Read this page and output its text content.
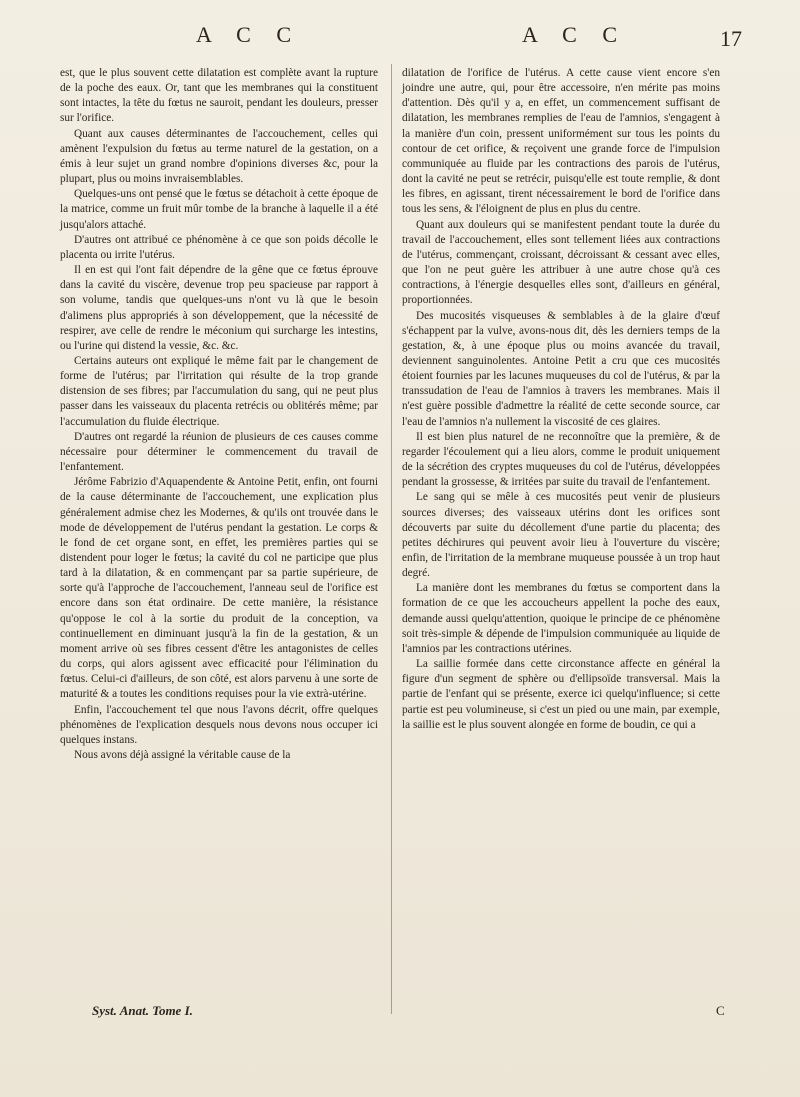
A C C	A C C	17

est, que le plus souvent cette dilatation est complète avant la rupture de la poche des eaux. Or, tant que les membranes qui la constituent sont intactes, la tête du fœtus ne sauroit, pendant les douleurs, presser sur l'orifice.

Quant aux causes déterminantes de l'accouchement, celles qui amènent l'expulsion du fœtus au terme naturel de la gestation, on a émis à leur sujet un grand nombre d'opinions diverses &c, pour la plupart, plus ou moins invraisemblables.

Quelques-uns ont pensé que le fœtus se détachoit à cette époque de la matrice, comme un fruit mûr tombe de la branche à laquelle il a été jusqu'alors attaché.

D'autres ont attribué ce phénomène à ce que son poids décolle le placenta ou irrite l'utérus.

Il en est qui l'ont fait dépendre de la gêne que ce fœtus éprouve dans la cavité du viscère, devenue trop peu spacieuse par rapport à son volume, tandis que quelques-uns n'ont vu là que le besoin d'alimens plus appropriés à son développement, que la nécessité de respirer, ave celle de rendre le méconium qui surcharge les intestins, ou l'urine qui distend la vessie, &c. &c.

Certains auteurs ont expliqué le même fait par le changement de forme de l'utérus; par l'irritation qui résulte de la trop grande distension de ses fibres; par l'accumulation du sang, qui ne peut plus passer dans les vaisseaux du placenta retrécis ou oblitérés même; par l'accumulation du fluide électrique.

D'autres ont regardé la réunion de plusieurs de ces causes comme nécessaire pour déterminer le commencement du travail de l'enfantement.

Jérôme Fabrizio d'Aquapendente & Antoine Petit, enfin, ont fourni de la cause déterminante de l'accouchement, une explication plus généralement admise chez les Modernes, & qu'ils ont trouvée dans le mode de développement de l'utérus pendant la gestation. Le corps & le fond de cet organe sont, en effet, les premières parties qui se distendent pour loger le fœtus; la cavité du col ne participe que plus tard à la dilatation, & en commençant par sa partie supérieure, de sorte qu'à l'approche de l'accouchement, l'anneau seul de l'orifice est encore dans son état ordinaire. De cette manière, la résistance qu'oppose le col à la sortie du produit de la conception, va continuellement en diminuant jusqu'à la fin de la gestation, & un moment arrive où ses fibres cessent d'être les antagonistes de celles du corps, qui alors agissent avec efficacité pour l'élimination du fœtus. Celui-ci d'ailleurs, de son côté, est alors parvenu à une sorte de maturité & a toutes les conditions requises pour la vie extrà-utérine.

Enfin, l'accouchement tel que nous l'avons décrit, offre quelques phénomènes de l'explication desquels nous devons nous occuper ici quelques instans.

Nous avons déjà assigné la véritable cause de la

dilatation de l'orifice de l'utérus. A cette cause vient encore s'en joindre une autre, qui, pour être accessoire, n'en mérite pas moins d'attention. Dès qu'il y a, en effet, un commencement suffisant de dilatation, les membranes remplies de l'eau de l'amnios, s'engagent à la manière d'un coin, pressent uniformément sur tous les points du contour de cet orifice, & reçoivent une grande force de l'impulsion communiquée au fluide par les contractions des parois de l'utérus, dont la cavité ne peut se retrécir, puisqu'elle est toute remplie, & dont les fibres, en agissant, tirent nécessairement le bord de l'orifice dans tous les sens, & l'éloignent de plus en plus du centre.

Quant aux douleurs qui se manifestent pendant toute la durée du travail de l'accouchement, elles sont tellement liées aux contractions de l'utérus, commençant, croissant, décroissant & cessant avec elles, que l'on ne peut guère les attribuer à une autre chose qu'à ces contractions, à l'énergie desquelles elles sont, d'ailleurs en général, proportionnées.

Des mucosités visqueuses & semblables à de la glaire d'œuf s'échappent par la vulve, avons-nous dit, dès les derniers temps de la gestation, &, à une époque plus ou moins avancée du travail, deviennent sanguinolentes. Antoine Petit a cru que ces mucosités étoient fournies par les lacunes muqueuses du col de l'utérus, & par la transsudation de l'eau de l'amnios à travers les membranes. Mais il n'est guère possible d'admettre la réalité de cette seconde source, car l'eau de l'amnios n'a nullement la viscosité de ces glaires.

Il est bien plus naturel de ne reconnoître que la première, & de regarder l'écoulement qui a lieu alors, comme le produit uniquement de la sécrétion des cryptes muqueuses du col de l'utérus, développées pendant la grossesse, & irritées par suite du travail de l'enfantement.

Le sang qui se mêle à ces mucosités peut venir de plusieurs sources diverses; des vaisseaux utérins dont les orifices sont découverts par suite du décollement d'une partie du placenta; des petites déchirures qui peuvent avoir lieu à l'ouverture du viscère; enfin, de l'irritation de la membrane muqueuse poussée à un trop haut degré.

La manière dont les membranes du fœtus se comportent dans la formation de ce que les accoucheurs appellent la poche des eaux, demande aussi quelqu'attention, quoique le principe de ce phénomène soit très-simple & dépende de l'impulsion communiquée au liquide de l'amnios par les contractions utérines.

La saillie formée dans cette circonstance affecte en général la figure d'un segment de sphère ou d'ellipsoïde transversal. Mais la partie de l'enfant qui se présente, exerce ici quelqu'influence; si cette partie est peu volumineuse, si c'est un pied ou une main, par exemple, la saillie est le plus souvent alongée en forme de boudin, ce qui a

Syst. Anat. Tome I.	C
